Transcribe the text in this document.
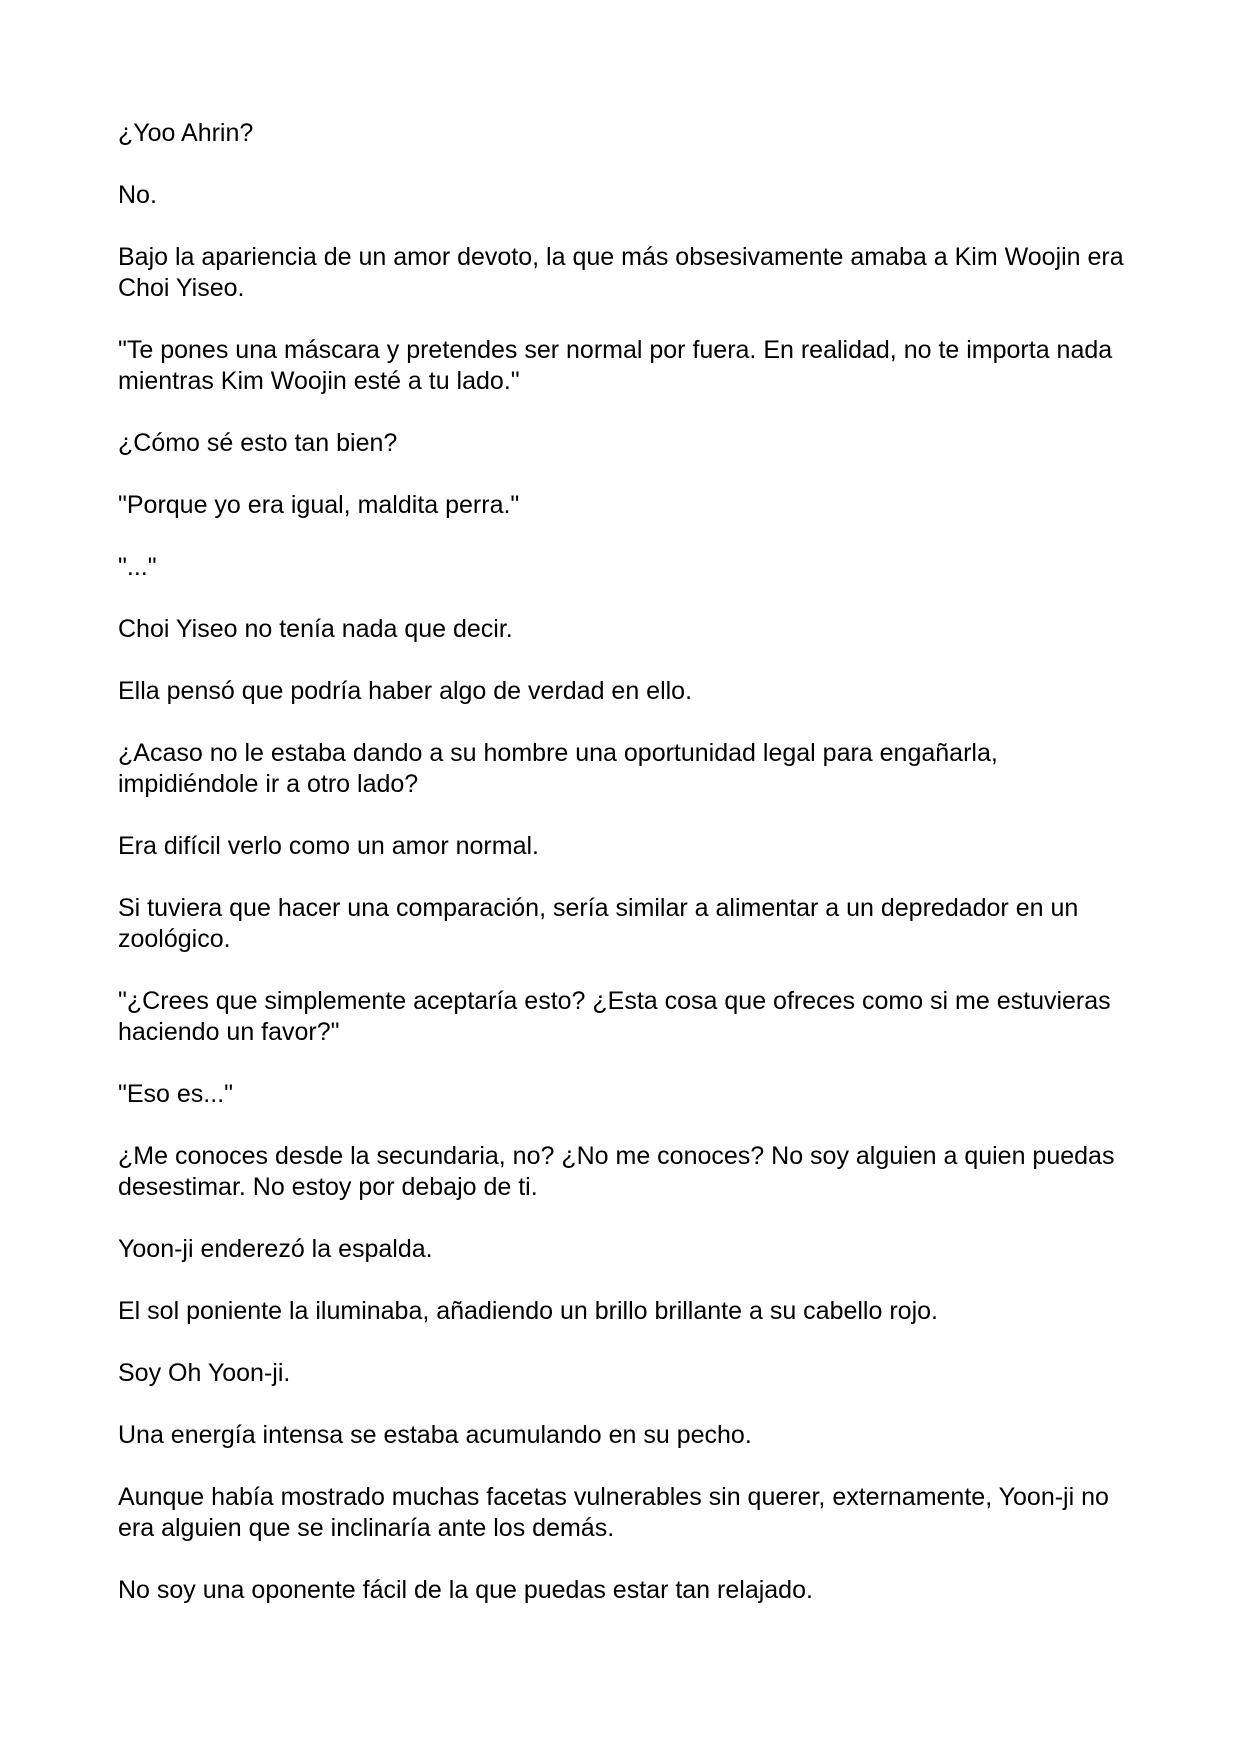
¿Yoo Ahrin?

No.

Bajo la apariencia de un amor devoto, la que más obsesivamente amaba a Kim Woojin era Choi Yiseo.

"Te pones una máscara y pretendes ser normal por fuera. En realidad, no te importa nada mientras Kim Woojin esté a tu lado."

¿Cómo sé esto tan bien?

"Porque yo era igual, maldita perra."

"..."

Choi Yiseo no tenía nada que decir.

Ella pensó que podría haber algo de verdad en ello.

¿Acaso no le estaba dando a su hombre una oportunidad legal para engañarla, impidiéndole ir a otro lado?

Era difícil verlo como un amor normal.

Si tuviera que hacer una comparación, sería similar a alimentar a un depredador en un zoológico.

"¿Crees que simplemente aceptaría esto? ¿Esta cosa que ofreces como si me estuvieras haciendo un favor?"

"Eso es..."

¿Me conoces desde la secundaria, no? ¿No me conoces? No soy alguien a quien puedas desestimar. No estoy por debajo de ti.

Yoon-ji enderezó la espalda.

El sol poniente la iluminaba, añadiendo un brillo brillante a su cabello rojo.

Soy Oh Yoon-ji.

Una energía intensa se estaba acumulando en su pecho.

Aunque había mostrado muchas facetas vulnerables sin querer, externamente, Yoon-ji no era alguien que se inclinaría ante los demás.

No soy una oponente fácil de la que puedas estar tan relajado.
